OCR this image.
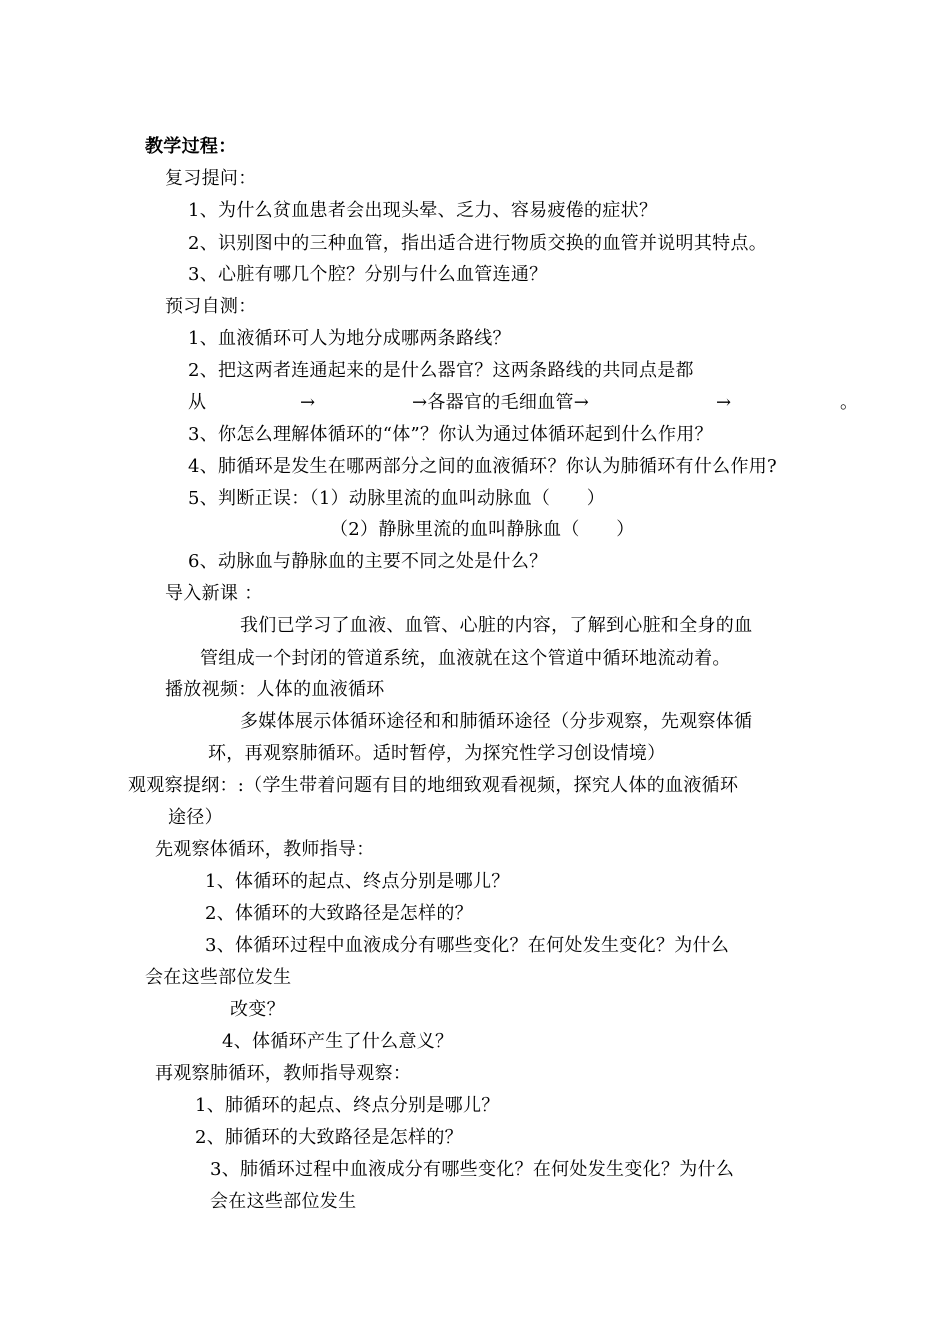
教学过程：
复习提问：
1、为什么贫血患者会出现头晕、乏力、容易疲倦的症状？
2、识别图中的三种血管，指出适合进行物质交换的血管并说明其特点。
3、心脏有哪几个腔？分别与什么血管连通？
预习自测：
1、血液循环可人为地分成哪两条路线？
2、把这两者连通起来的是什么器官？这两条路线的共同点是都
从	→	→各器官的毛细血管→	→	。
3、你怎么理解体循环的“体”？你认为通过体循环起到什么作用？
4、肺循环是发生在哪两部分之间的血液循环？你认为肺循环有什么作用?
5、判断正误：（1）动脉里流的血叫动脉血（　　）
（2）静脉里流的血叫静脉血（　　）
6、动脉血与静脉血的主要不同之处是什么？
导入新课 ：
我们已学习了血液、血管、心脏的内容，了解到心脏和全身的血
管组成一个封闭的管道系统，血液就在这个管道中循环地流动着。
播放视频：人体的血液循环
多媒体展示体循环途径和和肺循环途径（分步观察，先观察体循
环，再观察肺循环。适时暂停，为探究性学习创设情境）
观观察提纲：:（学生带着问题有目的地细致观看视频，探究人体的血液循环
途径）
先观察体循环，教师指导：
1、体循环的起点、终点分别是哪儿？
2、体循环的大致路径是怎样的？
3、体循环过程中血液成分有哪些变化？在何处发生变化？为什么
会在这些部位发生
改变？
4、体循环产生了什么意义？
再观察肺循环，教师指导观察：
1、肺循环的起点、终点分别是哪儿？
2、肺循环的大致路径是怎样的？
3、肺循环过程中血液成分有哪些变化？在何处发生变化？为什么
会在这些部位发生
